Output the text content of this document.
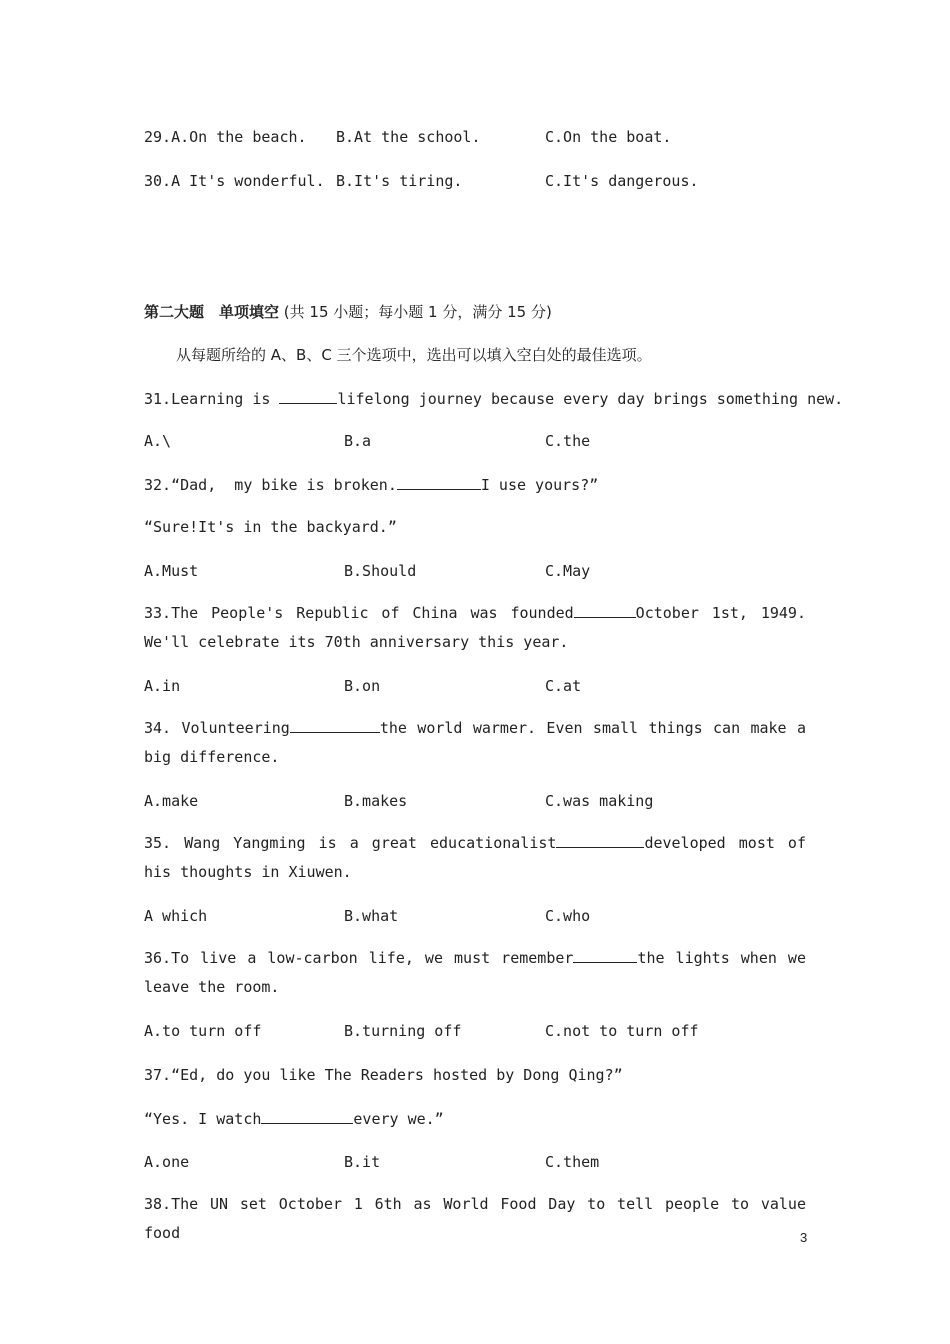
29.A.On the beach. B.At the school.	C.On the boat.
30.A It's wonderful. B.It's tiring.	C.It's dangerous.
第二大题　单项填空 (共 15 小题；每小题 1 分，满分 15 分)
从每题所给的 A、B、C 三个选项中，选出可以填入空白处的最佳选项。
31.Learning is	lifelong journey because every day brings something new.
A.\	B.a	C.the
32.“Dad,  my bike is broken.	I use yours?”
“Sure!It's in the backyard.”
A.Must	B.Should	C.May
33.The People's Republic of China was founded	October 1st, 1949. We'll celebrate its 70th anniversary this year.
A.in	B.on	C.at
34. Volunteering	the world warmer. Even small things can make a big difference.
A.make	B.makes	C.was making
35. Wang Yangming is a great educationalist	developed most of his thoughts in Xiuwen.
A which	B.what	C.who
36.To live a low-carbon life, we must remember	the lights when we leave the room.
A.to turn off	B.turning off	C.not to turn off
37.“Ed, do you like The Readers hosted by Dong Qing?”
“Yes. I watch	every we.”
A.one	B.it	C.them
38.The UN set October 1 6th as World Food Day to tell people to value food	3
